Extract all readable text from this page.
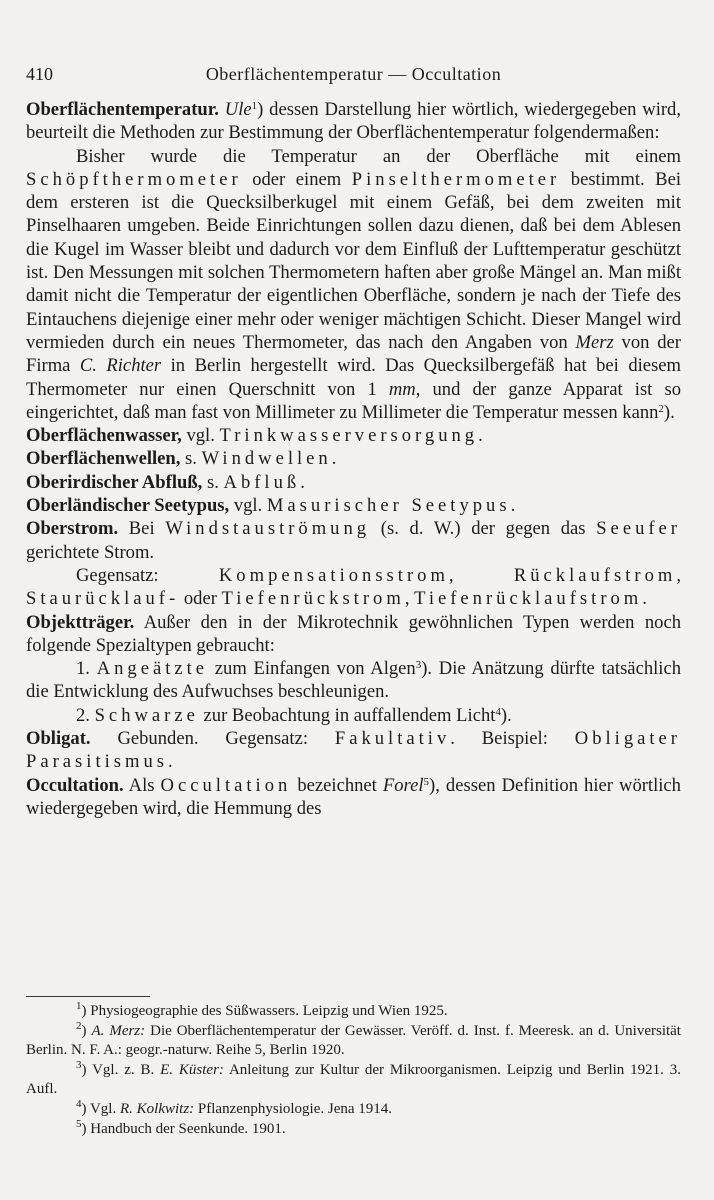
410	Oberflächentemperatur — Occultation

Oberflächentemperatur. Ule$^1$) dessen Darstellung hier wörtlich, wiedergegeben wird, beurteilt die Methoden zur Bestimmung der Oberflächentemperatur folgendermaßen:

Bisher wurde die Temperatur an der Oberfläche mit einem Schöpfthermometer oder einem Pinselthermometer bestimmt. Bei dem ersteren ist die Quecksilberkugel mit einem Gefäß, bei dem zweiten mit Pinselhaaren umgeben. Beide Einrichtungen sollen dazu dienen, daß bei dem Ablesen die Kugel im Wasser bleibt und dadurch vor dem Einfluß der Lufttemperatur geschützt ist. Den Messungen mit solchen Thermometern haften aber große Mängel an. Man mißt damit nicht die Temperatur der eigentlichen Oberfläche, sondern je nach der Tiefe des Eintauchens diejenige einer mehr oder weniger mächtigen Schicht. Dieser Mangel wird vermieden durch ein neues Thermometer, das nach den Angaben von Merz von der Firma C. Richter in Berlin hergestellt wird. Das Quecksilbergefäß hat bei diesem Thermometer nur einen Querschnitt von 1 mm, und der ganze Apparat ist so eingerichtet, daß man fast von Millimeter zu Millimeter die Temperatur messen kann$^2$).

Oberflächenwasser, vgl. Trinkwasserversorgung.

Oberflächenwellen, s. Windwellen.

Oberirdischer Abfluß, s. Abfluß.

Oberländischer Seetypus, vgl. Masurischer Seetypus.

Oberstrom. Bei Windstauströmung (s. d. W.) der gegen das Seeufer gerichtete Strom.

Gegensatz: Kompensationsstrom, Rücklaufstrom, Staurücklauf- oder Tiefenrückstrom, Tiefenrücklaufstrom.

Objektträger. Außer den in der Mikrotechnik gewöhnlichen Typen werden noch folgende Spezialtypen gebraucht:

1. Angeätzte zum Einfangen von Algen$^3$). Die Anätzung dürfte tatsächlich die Entwicklung des Aufwuchses beschleunigen.

2. Schwarze zur Beobachtung in auffallendem Licht$^4$).

Obligat. Gebunden. Gegensatz: Fakultativ. Beispiel: Obligater Parasitismus.

Occultation. Als Occultation bezeichnet Forel$^5$), dessen Definition hier wörtlich wiedergegeben wird, die Hemmung des

$^1$) Physiogeographie des Süßwassers. Leipzig und Wien 1925.

$^2$) A. Merz: Die Oberflächentemperatur der Gewässer. Veröff. d. Inst. f. Meeresk. an d. Universität Berlin. N. F. A.: geogr.-naturw. Reihe 5, Berlin 1920.

$^3$) Vgl. z. B. E. Küster: Anleitung zur Kultur der Mikroorganismen. Leipzig und Berlin 1921. 3. Aufl.

$^4$) Vgl. R. Kolkwitz: Pflanzenphysiologie. Jena 1914.

$^5$) Handbuch der Seenkunde. 1901.
